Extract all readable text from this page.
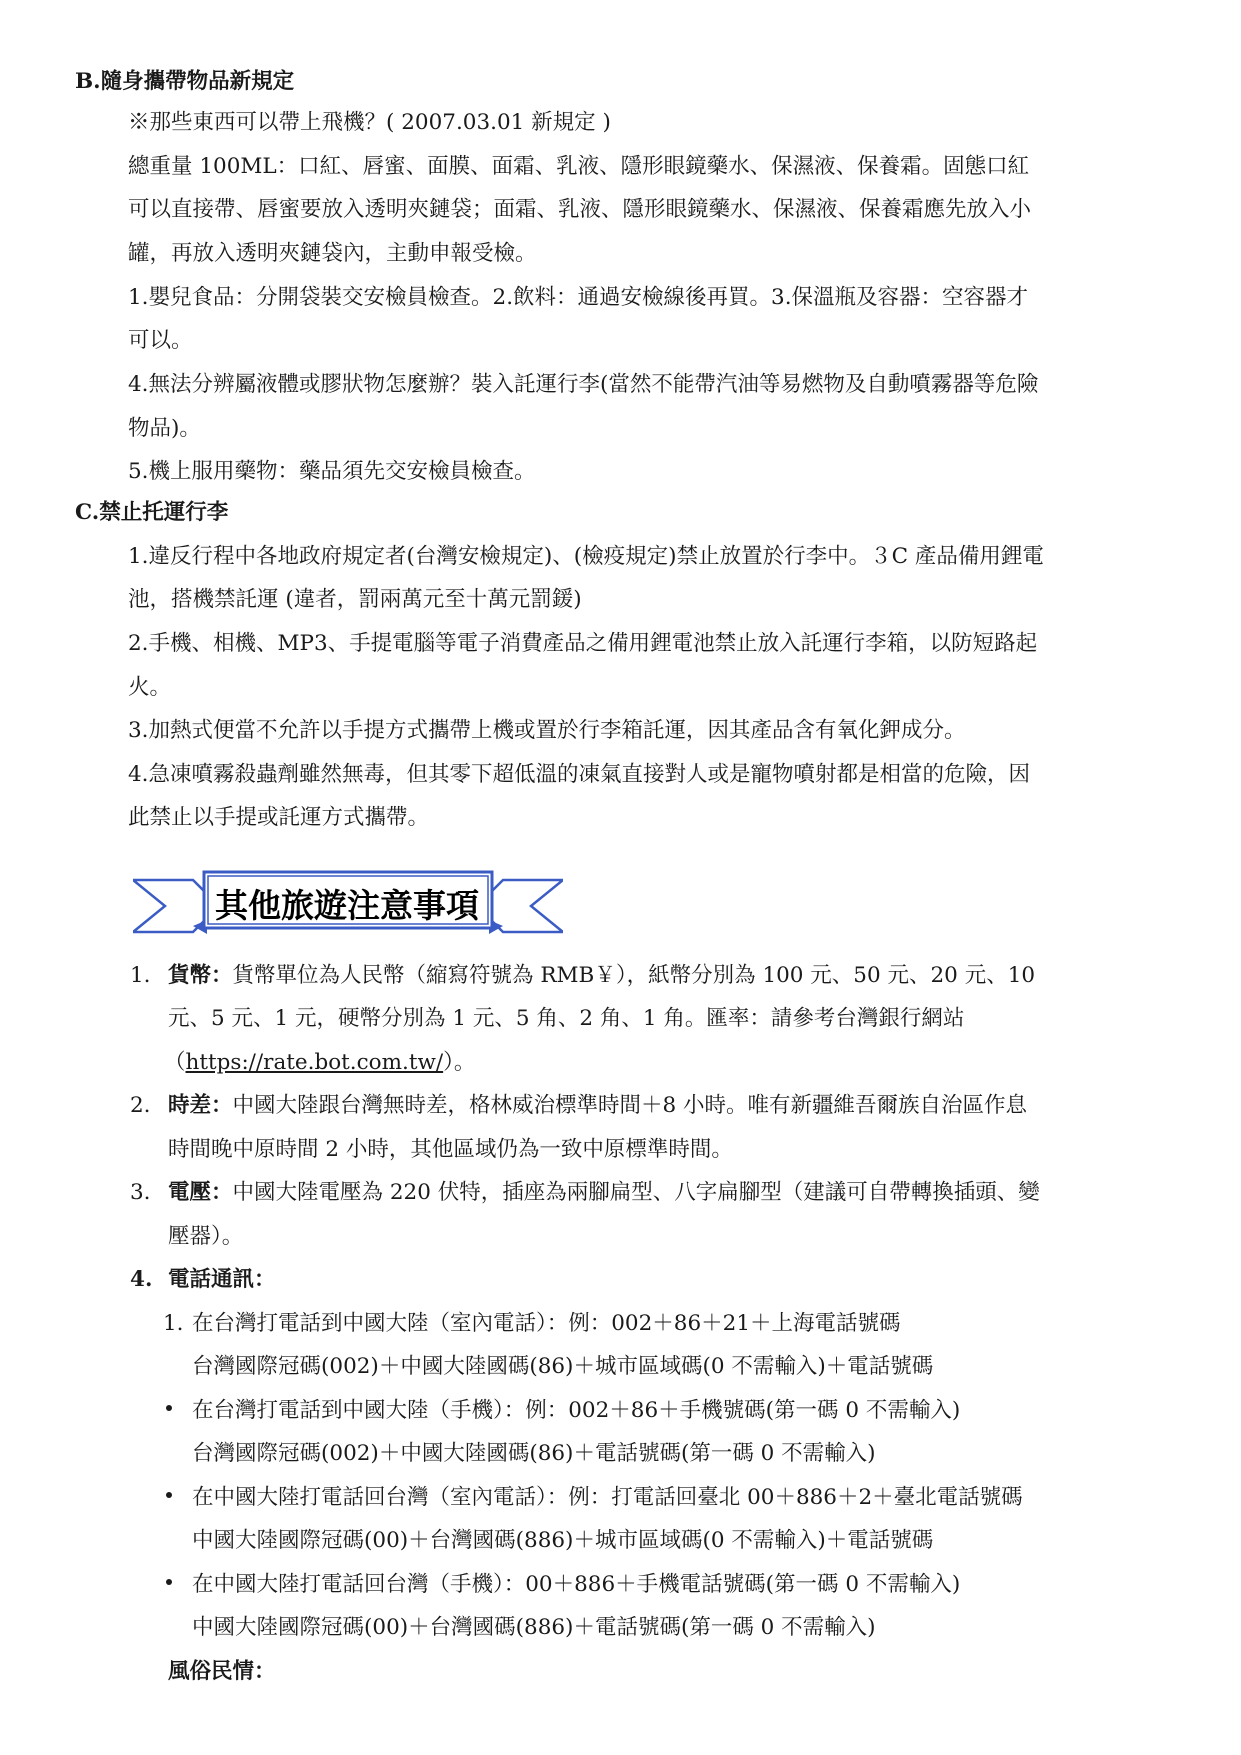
B.隨身攜帶物品新規定
※那些東西可以帶上飛機？( 2007.03.01 新規定 )
總重量 100ML：口紅、唇蜜、面膜、面霜、乳液、隱形眼鏡藥水、保濕液、保養霜。固態口紅
可以直接帶、唇蜜要放入透明夾鏈袋；面霜、乳液、隱形眼鏡藥水、保濕液、保養霜應先放入小
罐，再放入透明夾鏈袋內，主動申報受檢。
1.嬰兒食品：分開袋裝交安檢員檢查。2.飲料：通過安檢線後再買。3.保溫瓶及容器：空容器才
可以。
4.無法分辨屬液體或膠狀物怎麼辦？裝入託運行李(當然不能帶汽油等易燃物及自動噴霧器等危險
物品)。
5.機上服用藥物：藥品須先交安檢員檢查。
C.禁止托運行李
1.違反行程中各地政府規定者(台灣安檢規定)、(檢疫規定)禁止放置於行李中。３C 產品備用鋰電
池，搭機禁託運 (違者，罰兩萬元至十萬元罰鍰)
2.手機、相機、MP3、手提電腦等電子消費產品之備用鋰電池禁止放入託運行李箱，以防短路起
火。
3.加熱式便當不允許以手提方式攜帶上機或置於行李箱託運，因其產品含有氧化鉀成分。
4.急凍噴霧殺蟲劑雖然無毒，但其零下超低溫的凍氣直接對人或是寵物噴射都是相當的危險，因
此禁止以手提或託運方式攜帶。
其他旅遊注意事項
1. 貨幣：貨幣單位為人民幣（縮寫符號為 RMB￥），紙幣分別為 100 元、50 元、20 元、10
元、5 元、1 元，硬幣分別為 1 元、5 角、2 角、1 角。匯率：請參考台灣銀行網站
（https://rate.bot.com.tw/）。
2. 時差：中國大陸跟台灣無時差，格林威治標準時間＋8 小時。唯有新疆維吾爾族自治區作息
時間晚中原時間 2 小時，其他區域仍為一致中原標準時間。
3. 電壓：中國大陸電壓為 220 伏特，插座為兩腳扁型、八字扁腳型（建議可自帶轉換插頭、變
壓器）。
4. 電話通訊：
1. 在台灣打電話到中國大陸（室內電話）：例：002＋86＋21＋上海電話號碼
台灣國際冠碼(002)＋中國大陸國碼(86)＋城市區域碼(0 不需輸入)＋電話號碼
在台灣打電話到中國大陸（手機）：例：002＋86＋手機號碼(第一碼 0 不需輸入)
台灣國際冠碼(002)＋中國大陸國碼(86)＋電話號碼(第一碼 0 不需輸入)
在中國大陸打電話回台灣（室內電話）：例：打電話回臺北 00＋886＋2＋臺北電話號碼
中國大陸國際冠碼(00)＋台灣國碼(886)＋城市區域碼(0 不需輸入)＋電話號碼
在中國大陸打電話回台灣（手機）：00＋886＋手機電話號碼(第一碼 0 不需輸入)
中國大陸國際冠碼(00)＋台灣國碼(886)＋電話號碼(第一碼 0 不需輸入)
風俗民情：
